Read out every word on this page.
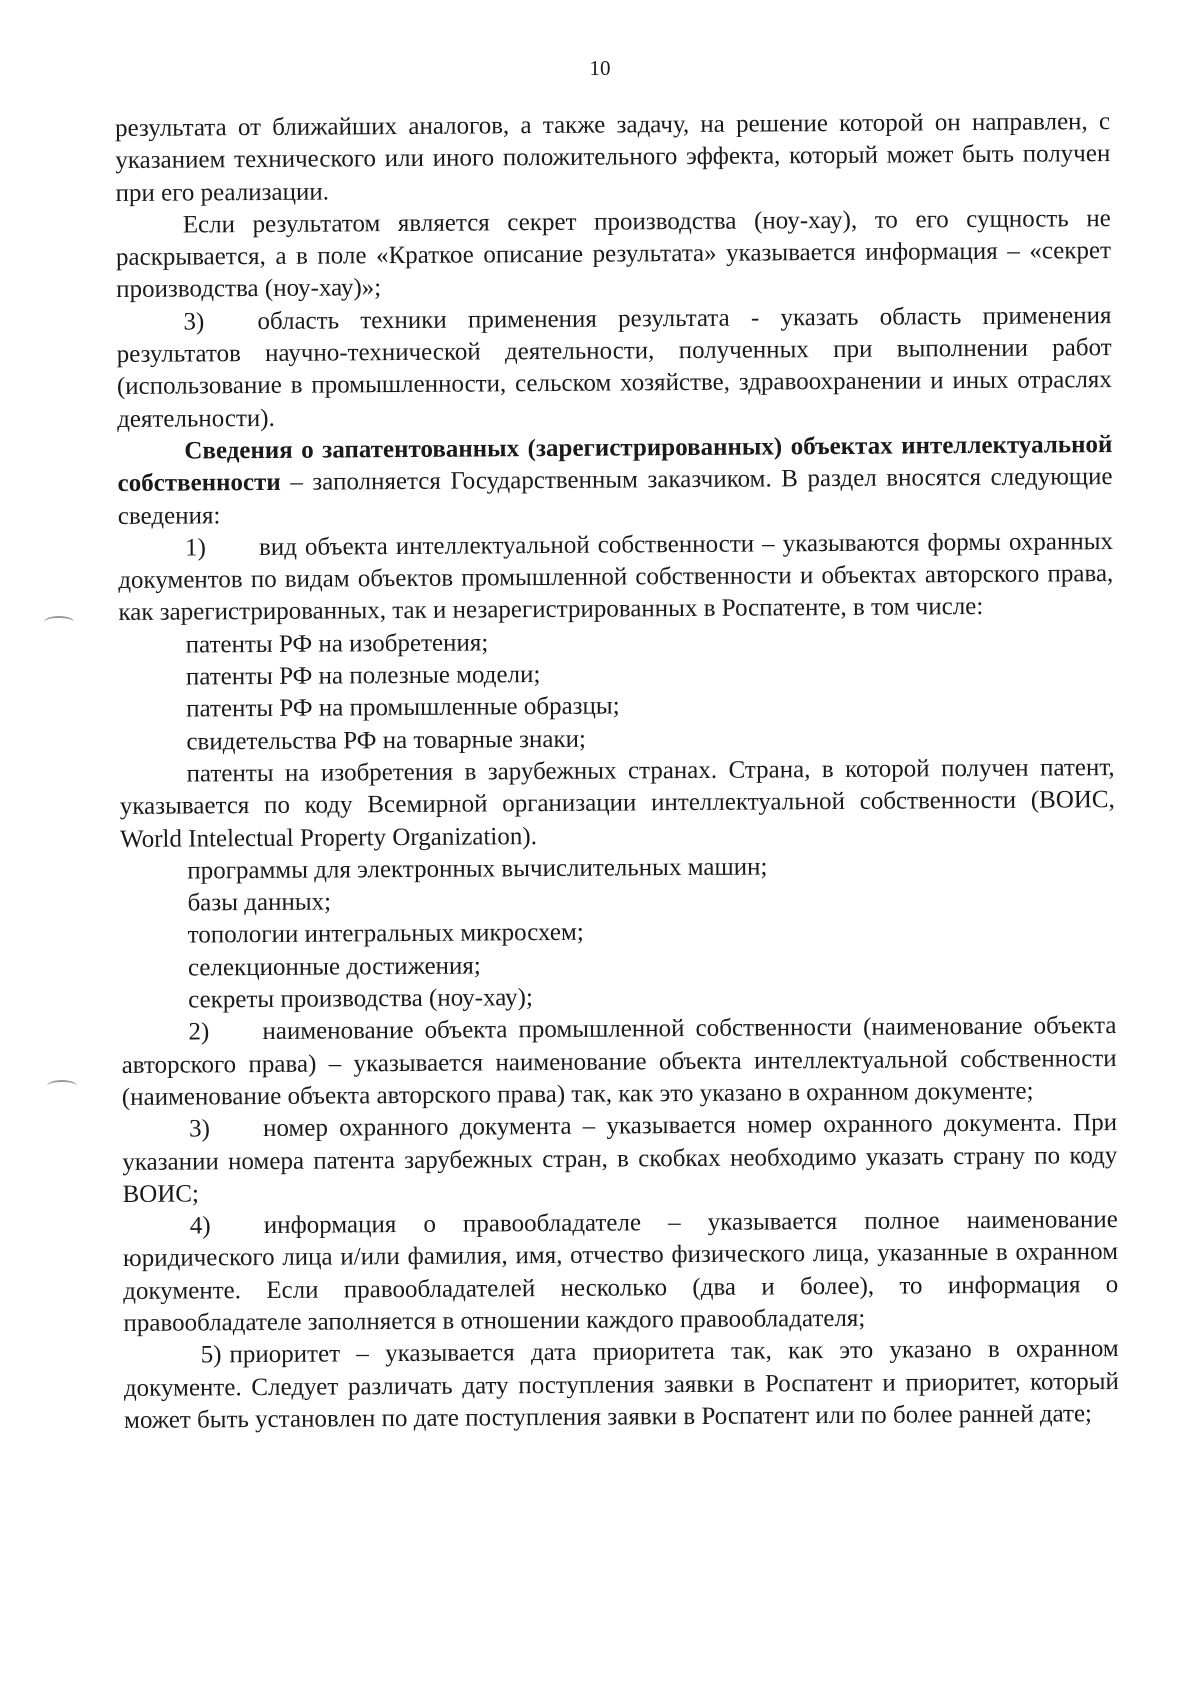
10

результата от ближайших аналогов, а также задачу, на решение которой он направлен, с указанием технического или иного положительного эффекта, который может быть получен при его реализации.

Если результатом является секрет производства (ноу-хау), то его сущность не раскрывается, а в поле «Краткое описание результата» указывается информация – «секрет производства (ноу-хау)»;

3) область техники применения результата - указать область применения результатов научно-технической деятельности, полученных при выполнении работ (использование в промышленности, сельском хозяйстве, здравоохранении и иных отраслях деятельности).

Сведения о запатентованных (зарегистрированных) объектах интеллектуальной собственности – заполняется Государственным заказчиком. В раздел вносятся следующие сведения:

1) вид объекта интеллектуальной собственности – указываются формы охранных документов по видам объектов промышленной собственности и объектах авторского права, как зарегистрированных, так и незарегистрированных в Роспатенте, в том числе:

патенты РФ на изобретения;

патенты РФ на полезные модели;

патенты РФ на промышленные образцы;

свидетельства РФ на товарные знаки;

патенты на изобретения в зарубежных странах. Страна, в которой получен патент, указывается по коду Всемирной организации интеллектуальной собственности (ВОИС, World Intelectual Property Organization).

программы для электронных вычислительных машин;

базы данных;

топологии интегральных микросхем;

селекционные достижения;

секреты производства (ноу-хау);

2) наименование объекта промышленной собственности (наименование объекта авторского права) – указывается наименование объекта интеллектуальной собственности (наименование объекта авторского права) так, как это указано в охранном документе;

3) номер охранного документа – указывается номер охранного документа. При указании номера патента зарубежных стран, в скобках необходимо указать страну по коду ВОИС;

4) информация о правообладателе – указывается полное наименование юридического лица и/или фамилия, имя, отчество физического лица, указанные в охранном документе. Если правообладателей несколько (два и более), то информация о правообладателе заполняется в отношении каждого правообладателя;

5) приоритет – указывается дата приоритета так, как это указано в охранном документе. Следует различать дату поступления заявки в Роспатент и приоритет, который может быть установлен по дате поступления заявки в Роспатент или по более ранней дате;
